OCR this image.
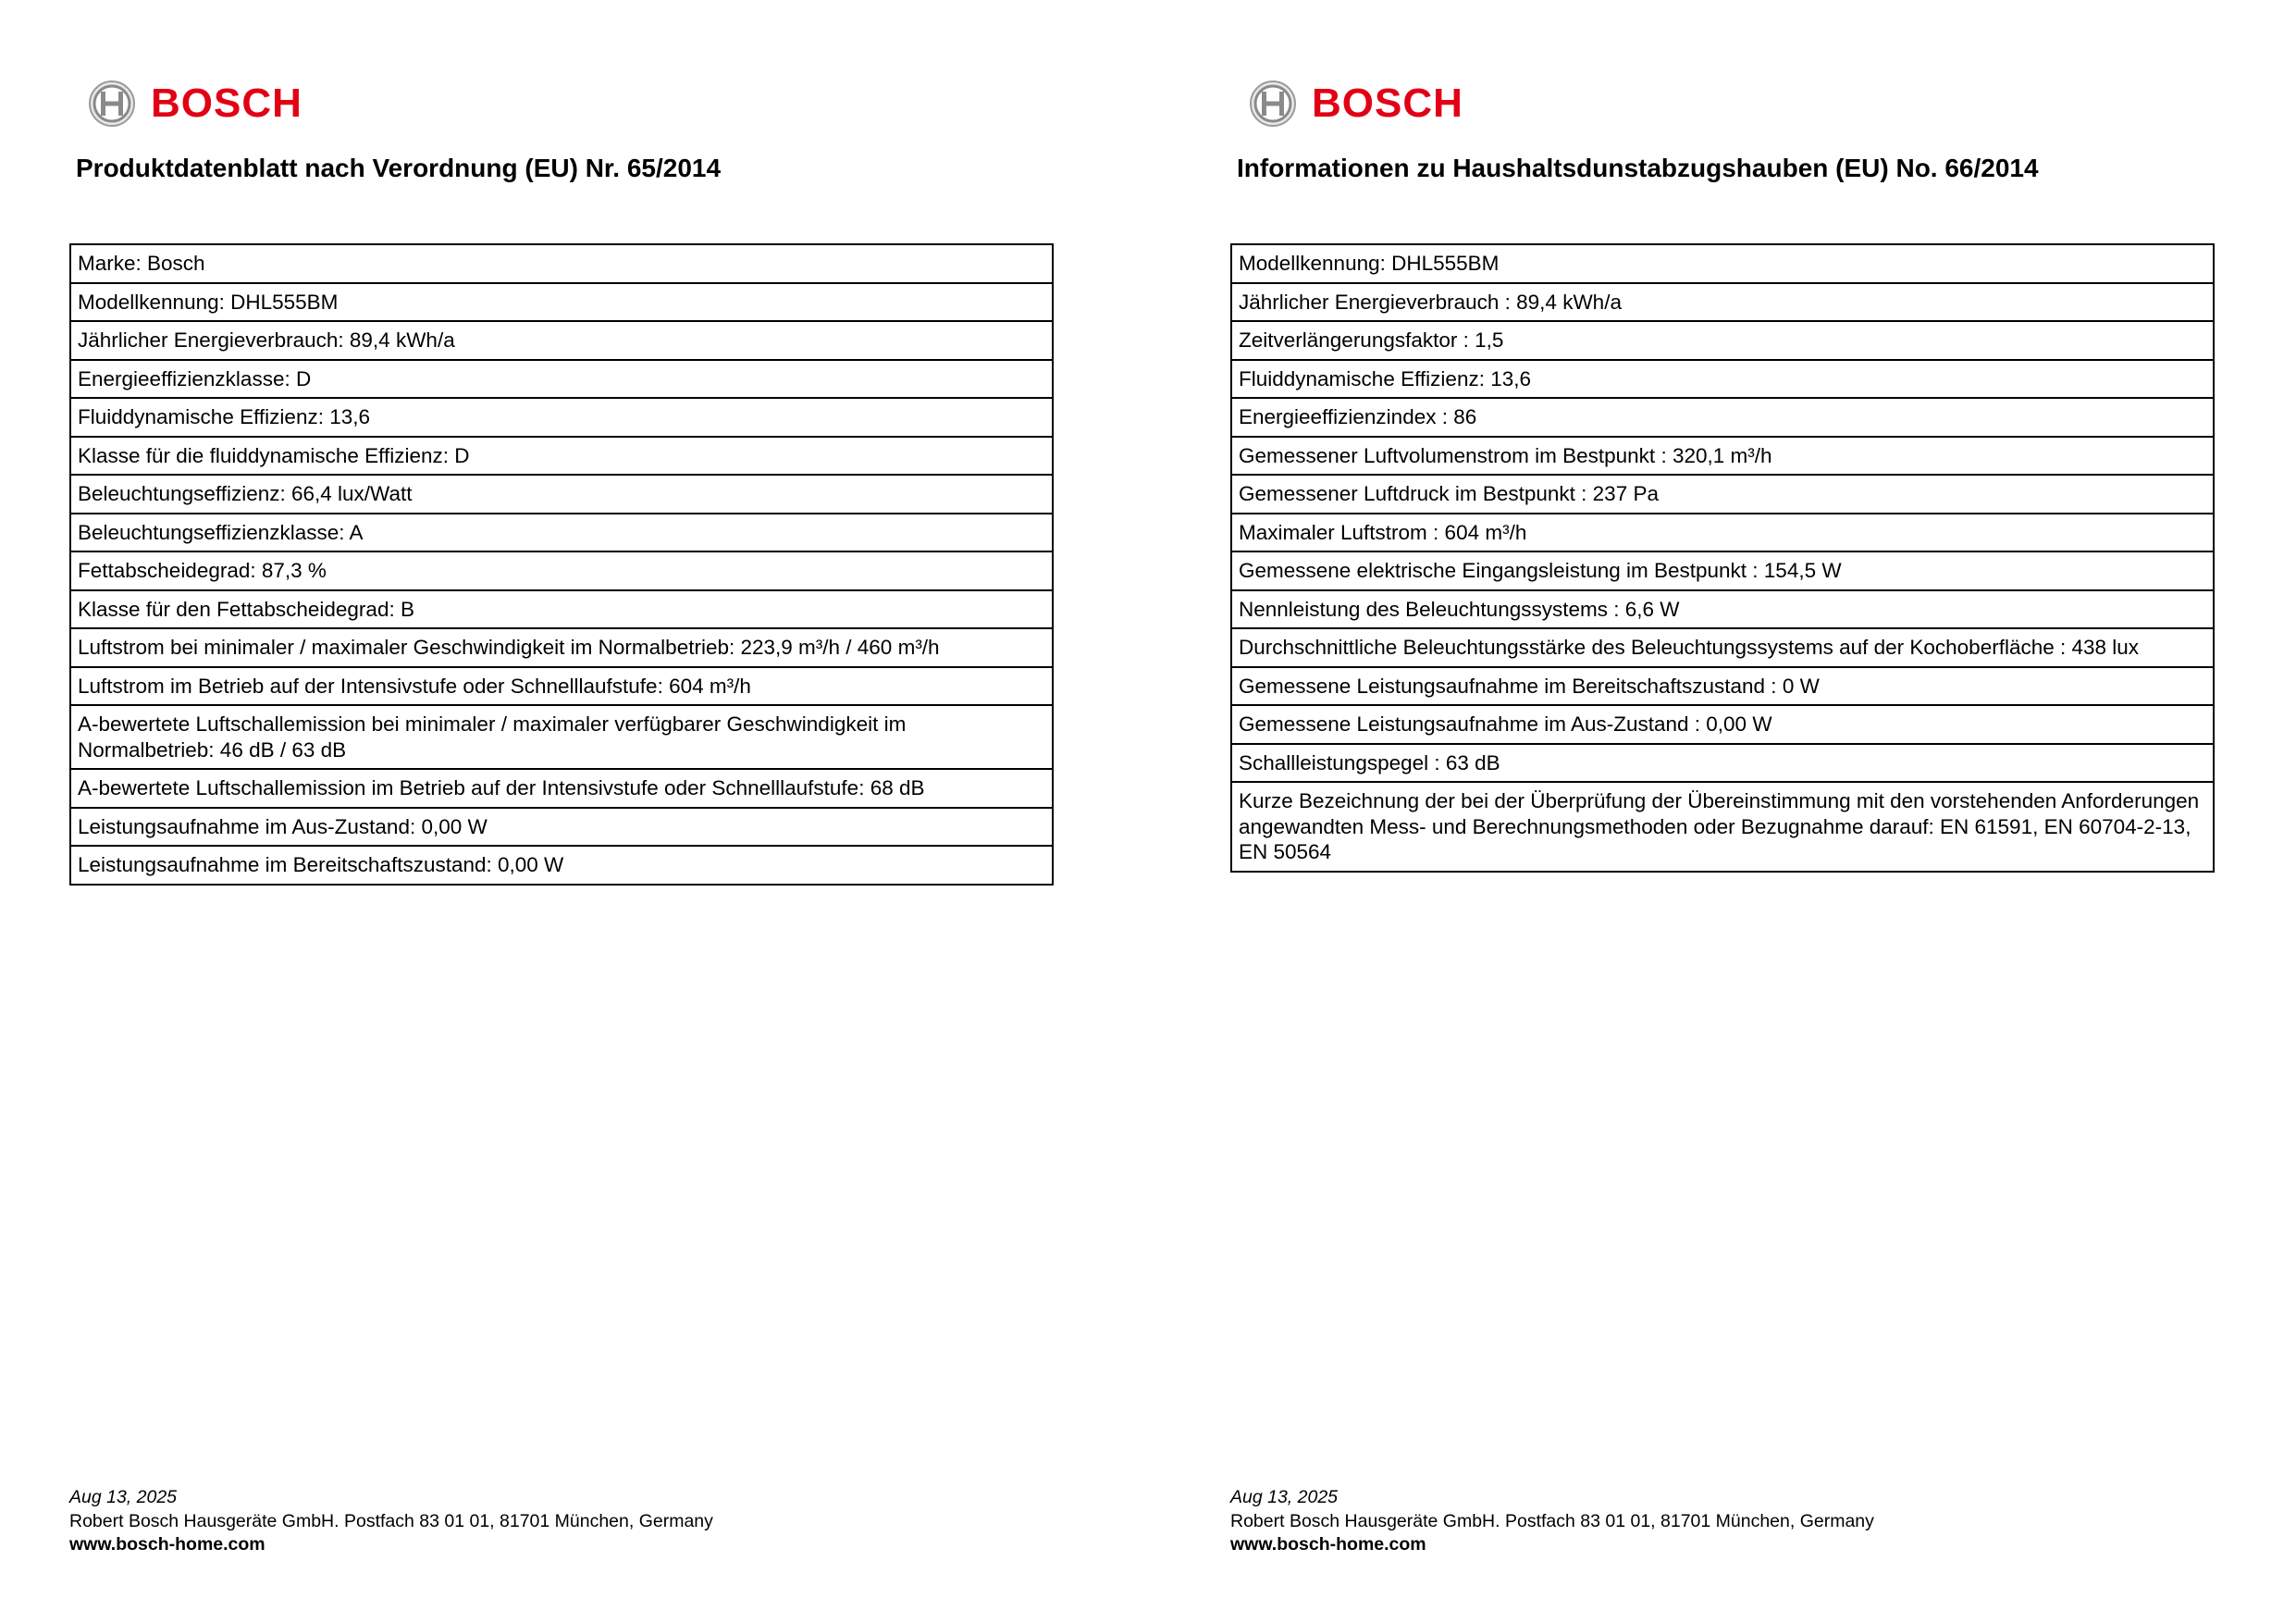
BOSCH
Produktdatenblatt nach Verordnung (EU) Nr. 65/2014
Marke: Bosch
Modellkennung: DHL555BM
Jährlicher Energieverbrauch: 89,4 kWh/a
Energieeffizienzklasse: D
Fluiddynamische Effizienz: 13,6
Klasse für die fluiddynamische Effizienz: D
Beleuchtungseffizienz: 66,4 lux/Watt
Beleuchtungseffizienzklasse: A
Fettabscheidegrad: 87,3 %
Klasse für den Fettabscheidegrad: B
Luftstrom bei minimaler / maximaler Geschwindigkeit im Normalbetrieb: 223,9 m³/h / 460 m³/h
Luftstrom im Betrieb auf der Intensivstufe oder Schnelllaufstufe: 604 m³/h
A-bewertete Luftschallemission bei minimaler / maximaler verfügbarer Geschwindigkeit im Normalbetrieb: 46 dB / 63 dB
A-bewertete Luftschallemission im Betrieb auf der Intensivstufe oder Schnelllaufstufe: 68 dB
Leistungsaufnahme im Aus-Zustand: 0,00 W
Leistungsaufnahme im Bereitschaftszustand: 0,00 W
Aug 13, 2025
Robert Bosch Hausgeräte GmbH. Postfach 83 01 01, 81701 München, Germany
www.bosch-home.com
BOSCH
Informationen zu Haushaltsdunstabzugshauben (EU) No. 66/2014
Modellkennung: DHL555BM
Jährlicher Energieverbrauch : 89,4 kWh/a
Zeitverlängerungsfaktor : 1,5
Fluiddynamische Effizienz: 13,6
Energieeffizienzindex : 86
Gemessener Luftvolumenstrom im Bestpunkt : 320,1 m³/h
Gemessener Luftdruck im Bestpunkt : 237 Pa
Maximaler Luftstrom : 604 m³/h
Gemessene elektrische Eingangsleistung im Bestpunkt : 154,5 W
Nennleistung des Beleuchtungssystems : 6,6 W
Durchschnittliche Beleuchtungsstärke des Beleuchtungssystems auf der Kochoberfläche : 438 lux
Gemessene Leistungsaufnahme im Bereitschaftszustand : 0 W
Gemessene Leistungsaufnahme im Aus-Zustand : 0,00 W
Schallleistungspegel : 63 dB
Kurze Bezeichnung der bei der Überprüfung der Übereinstimmung mit den vorstehenden Anforderungen angewandten Mess- und Berechnungsmethoden oder Bezugnahme darauf: EN 61591, EN 60704-2-13, EN 50564
Aug 13, 2025
Robert Bosch Hausgeräte GmbH. Postfach 83 01 01, 81701 München, Germany
www.bosch-home.com
